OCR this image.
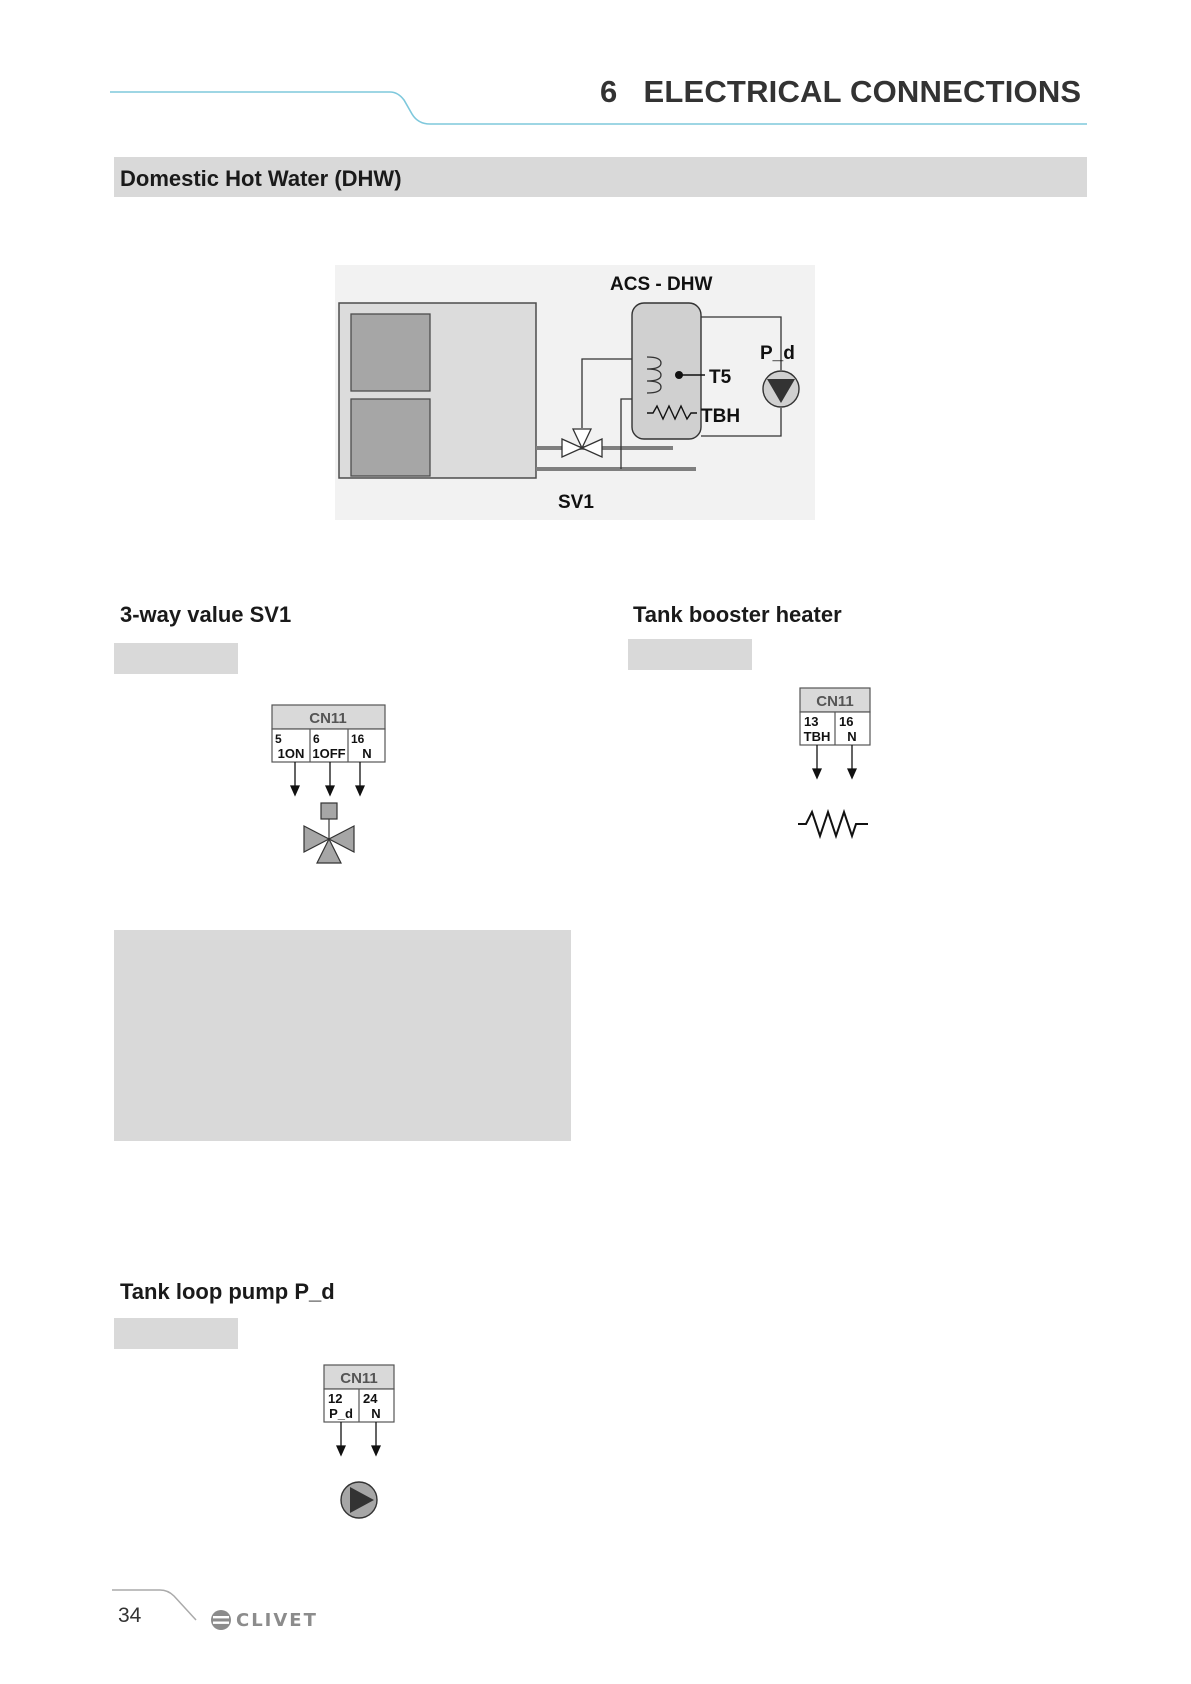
6 ELECTRICAL CONNECTIONS
Domestic Hot Water (DHW)
T5
TBH
P_d
SV1
ACS - DHW
3-way value SV1
CN11
5	6	16
1ON 1OFF N
Tank booster heater
CN11
13 16
TBH N
Tank loop pump P_d
CN11
12 24
P_d N
34	CLIVET
